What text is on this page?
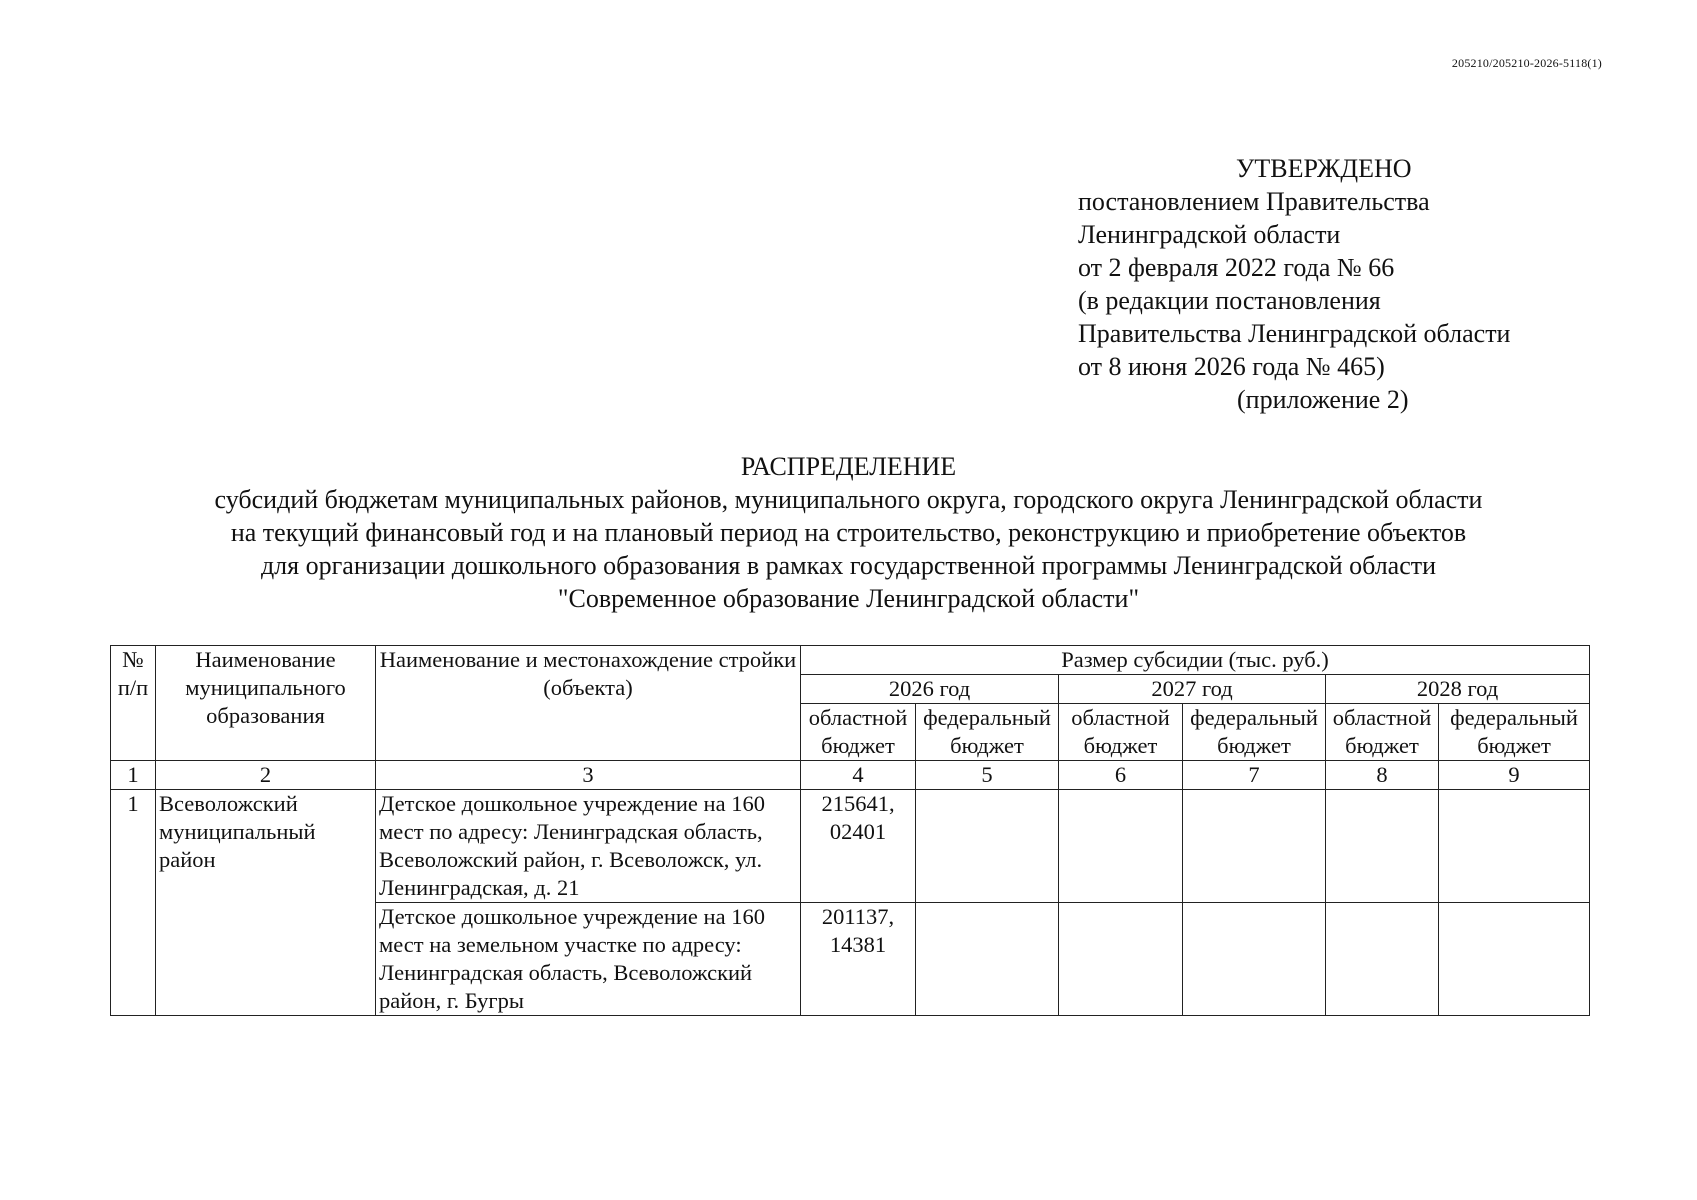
205210/205210-2026-5118(1)
УТВЕРЖДЕНО
постановлением Правительства
Ленинградской области
от 2 февраля 2022 года № 66
(в редакции постановления
Правительства Ленинградской области
от 8 июня 2026 года № 465)
(приложение 2)
РАСПРЕДЕЛЕНИЕ
субсидий бюджетам муниципальных районов, муниципального округа, городского округа Ленинградской области
на текущий финансовый год и на плановый период на строительство, реконструкцию и приобретение объектов
для организации дошкольного образования в рамках государственной программы Ленинградской области
"Современное образование Ленинградской области"
№ п/п	Наименование муниципального образования	Наименование и местонахождение стройки (объекта)	Размер субсидии (тыс. руб.)					
			2026 год		2027 год		2028 год	
			областной бюджет	федеральный бюджет	областной бюджет	федеральный бюджет	областной бюджет	федеральный бюджет
1	2	3	4	5	6	7	8	9
1	Всеволожский муниципальный район	Детское дошкольное учреждение на 160 мест по адресу: Ленинградская область, Всеволожский район, г. Всеволожск, ул. Ленинградская, д. 21	215641, 02401					
		Детское дошкольное учреждение на 160 мест на земельном участке по адресу: Ленинградская область, Всеволожский район, г. Бугры	201137, 14381					
